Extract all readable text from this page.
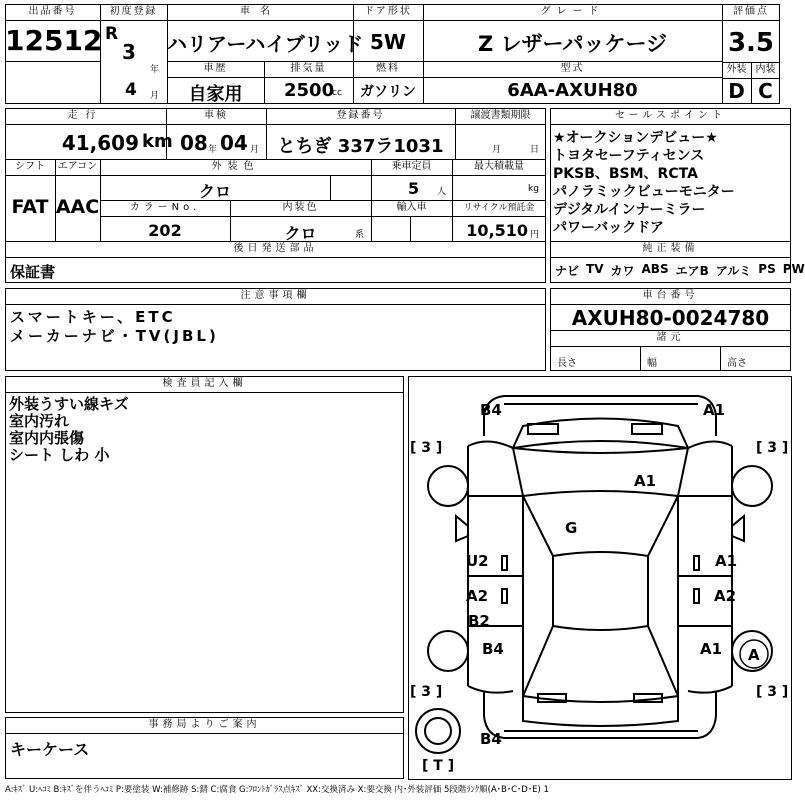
出品番号
12512
初度登録
R
3
年
4 月
車名
ハリアーハイブリッド
ドア形状
5W
グレード
Z レザーパッケージ
評価点
3.5
車歴
自家用
排気量
2500
cc
燃料
ガソリン
型式
6AA-AXUH80
外装 内装
D C
走行
41,609 km
車検
08 年 04 月
登録番号
とちぎ 337ラ1031
譲渡書類期限
月	日
シフト
FAT
エアコン
AAC
外装色
クロ
乗車定員
5 人
最大積載量
kg
カラーNo.
202
内装色
クロ	系
輸入車	リサイクル預託金
10,510 円
後日発送部品
保証書
セールスポイント
★オークションデビュー★
トヨタセーフティセンス
PKSB、BSM、RCTA
パノラミックビューモニター
デジタルインナーミラー
パワーバックドア
純正装備
ナビ TV カワ ABS エアB アルミ PS PW
注意事項欄
スマートキー、ETC
メーカーナビ・TV(JBL)
車台番号
AXUH80-0024780
諸元
長さ	幅	高さ
検査員記入欄
外装うすい線キズ
室内汚れ
室内内張傷
シート しわ 小
事務局よりご案内
キーケース
B4	A1
A1
G
U2	A1
A2	A2
B2
B4	A1 A
B4
[ 3 ]	[ 3 ]
[ 3 ]	[ 3 ]
[ T ]
A:ｷｽﾞ U:ﾍｺﾐ B:ｷｽﾞを伴うﾍｺﾐ P:要塗装 W:補修跡 S:錆 C:腐食 G:ﾌﾛﾝﾄｶﾞﾗｽ点ｷｽﾞ XX:交換済み X:要交換 内･外装評価 5段階ﾗﾝｸ順(A･B･C･D･E) 1
